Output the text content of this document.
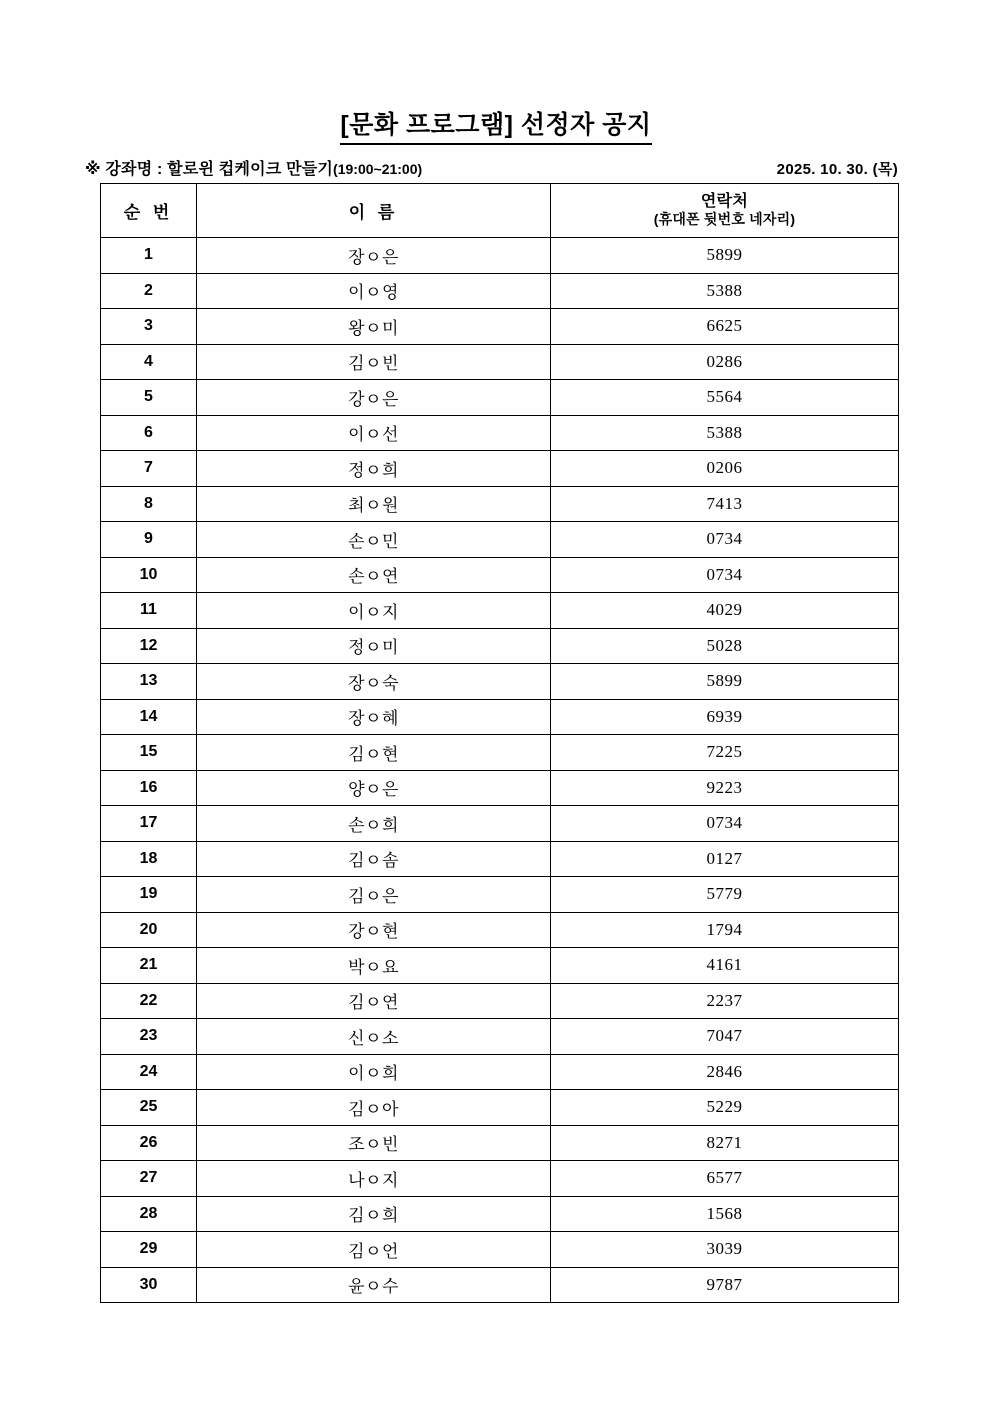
[문화 프로그램] 선정자 공지
※ 강좌명 : 할로윈 컵케이크 만들기(19:00~21:00)	2025. 10. 30. (목)
순 번	이 름	연락처
(휴대폰 뒷번호 네자리)

1	장ㅇ은	5899
2	이ㅇ영	5388
3	왕ㅇ미	6625
4	김ㅇ빈	0286
5	강ㅇ은	5564
6	이ㅇ선	5388
7	정ㅇ희	0206
8	최ㅇ원	7413
9	손ㅇ민	0734
10	손ㅇ연	0734
11	이ㅇ지	4029
12	정ㅇ미	5028
13	장ㅇ숙	5899
14	장ㅇ혜	6939
15	김ㅇ현	7225
16	양ㅇ은	9223
17	손ㅇ희	0734
18	김ㅇ솜	0127
19	김ㅇ은	5779
20	강ㅇ현	1794
21	박ㅇ요	4161
22	김ㅇ연	2237
23	신ㅇ소	7047
24	이ㅇ희	2846
25	김ㅇ아	5229
26	조ㅇ빈	8271
27	나ㅇ지	6577
28	김ㅇ희	1568
29	김ㅇ언	3039
30	윤ㅇ수	9787
